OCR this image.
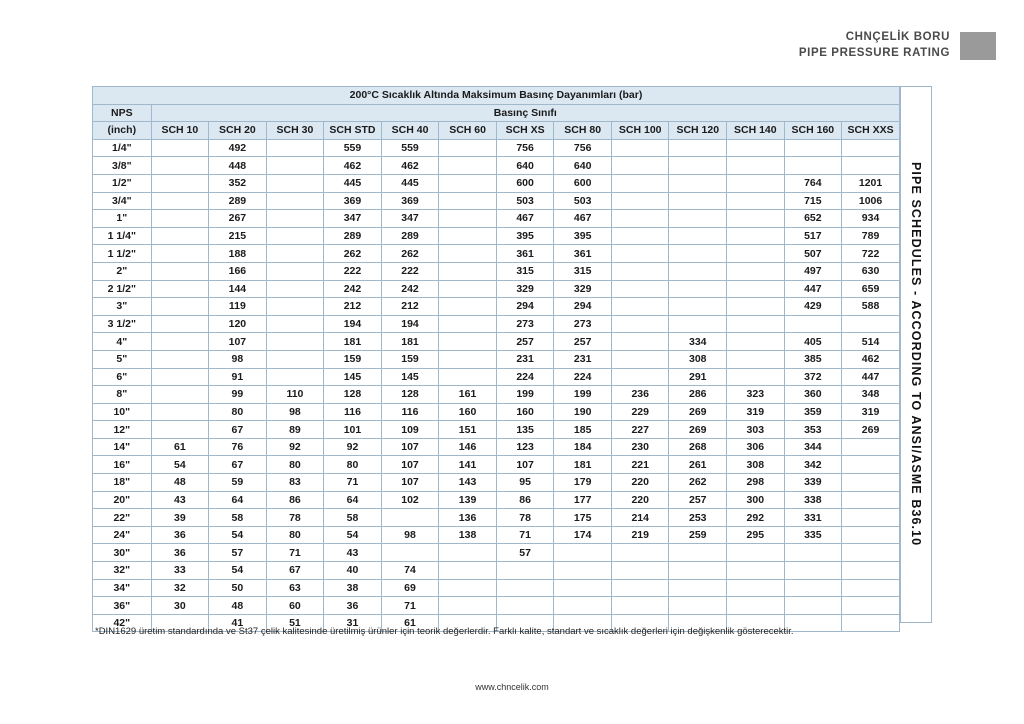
CHNÇELİK BORU
PIPE PRESSURE RATING
200°C Sıcaklık Altında Maksimum Basınç Dayanımları (bar)													
NPS	Basınç Sınıfı												
(inch)	SCH 10	SCH 20	SCH 30	SCH STD	SCH 40	SCH 60	SCH XS	SCH 80	SCH 100	SCH 120	SCH 140	SCH 160	SCH XXS
1/4"		492		559	559		756	756					
3/8"		448		462	462		640	640					
1/2"		352		445	445		600	600				764	1201
3/4"		289		369	369		503	503				715	1006
1"		267		347	347		467	467				652	934
1 1/4"		215		289	289		395	395				517	789
1 1/2"		188		262	262		361	361				507	722
2"		166		222	222		315	315				497	630
2 1/2"		144		242	242		329	329				447	659
3"		119		212	212		294	294				429	588
3 1/2"		120		194	194		273	273					
4"		107		181	181		257	257		334		405	514
5"		98		159	159		231	231		308		385	462
6"		91		145	145		224	224		291		372	447
8"		99	110	128	128	161	199	199	236	286	323	360	348
10"		80	98	116	116	160	160	190	229	269	319	359	319
12"		67	89	101	109	151	135	185	227	269	303	353	269
14"	61	76	92	92	107	146	123	184	230	268	306	344	
16"	54	67	80	80	107	141	107	181	221	261	308	342	
18"	48	59	83	71	107	143	95	179	220	262	298	339	
20"	43	64	86	64	102	139	86	177	220	257	300	338	
22"	39	58	78	58		136	78	175	214	253	292	331	
24"	36	54	80	54	98	138	71	174	219	259	295	335	
30"	36	57	71	43			57						
32"	33	54	67	40	74								
34"	32	50	63	38	69								
36"	30	48	60	36	71								
42"		41	51	31	61								
PIPE SCHEDULES - ACCORDING TO ANSI/ASME B36.10
*DIN1629 üretim standardında ve St37 çelik kalitesinde üretilmiş ürünler için teorik değerlerdir. Farklı kalite, standart ve sıcaklık değerleri için değişkenlik gösterecektir.
www.chncelik.com
